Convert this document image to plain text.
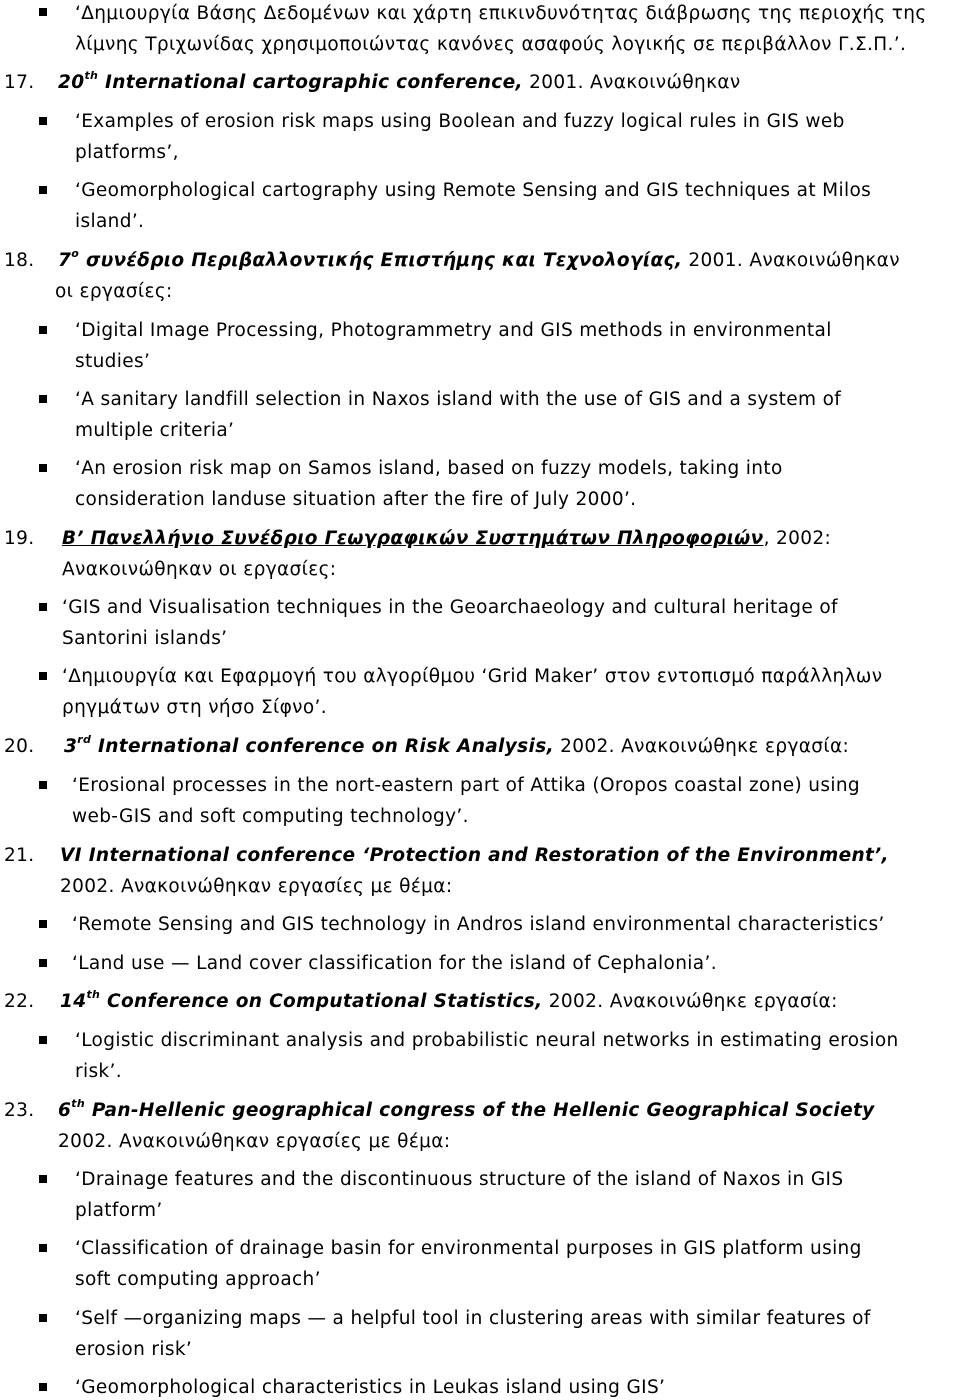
‘Δημιουργία Βάσης Δεδομένων και χάρτη επικινδυνότητας διάβρωσης της περιοχής της
λίμνης Τριχωνίδας χρησιμοποιώντας κανόνες ασαφούς λογικής σε περιβάλλον Γ.Σ.Π.’.
17. 20th International cartographic conference, 2001. Ανακοινώθηκαν
‘Examples of erosion risk maps using Boolean and fuzzy logical rules in GIS web
platforms’,
‘Geomorphological cartography using Remote Sensing and GIS techniques at Milos
island’.
18. 7$^o$ συνέδριο Περιβαλλοντικής Επιστήμης και Τεχνολογίας, 2001. Ανακοινώθηκαν
οι εργασίες:
‘Digital Image Processing, Photogrammetry and GIS methods in environmental
studies’
‘A sanitary landfill selection in Naxos island with the use of GIS and a system of
multiple criteria’
‘An erosion risk map on Samos island, based on fuzzy models, taking into
consideration landuse situation after the fire of July 2000’.
19. Β’ Πανελλήνιο Συνέδριο Γεωγραφικών Συστημάτων Πληροφοριών, 2002:
Ανακοινώθηκαν οι εργασίες:
‘GIS and Visualisation techniques in the Geoarchaeology and cultural heritage of
Santorini islands’
‘Δημιουργία και Εφαρμογή του αλγορίθμου ‘Grid Maker’ στον εντοπισμό παράλληλων
ρηγμάτων στη νήσο Σίφνο’.
20. 3rd International conference on Risk Analysis, 2002. Ανακοινώθηκε εργασία:
‘Erosional processes in the nort-eastern part of Attika (Oropos coastal zone) using
web-GIS and soft computing technology’.
21. VI International conference ‘Protection and Restoration of the Environment’,
2002. Ανακοινώθηκαν εργασίες με θέμα:
‘Remote Sensing and GIS technology in Andros island environmental characteristics’
‘Land use — Land cover classification for the island of Cephalonia’.
22. 14th Conference on Computational Statistics, 2002. Ανακοινώθηκε εργασία:
‘Logistic discriminant analysis and probabilistic neural networks in estimating erosion
risk’.
23. 6th Pan-Hellenic geographical congress of the Hellenic Geographical Society
2002. Ανακοινώθηκαν εργασίες με θέμα:
‘Drainage features and the discontinuous structure of the island of Naxos in GIS
platform’
‘Classification of drainage basin for environmental purposes in GIS platform using
soft computing approach’
‘Self —organizing maps — a helpful tool in clustering areas with similar features of
erosion risk’
‘Geomorphological characteristics in Leukas island using GIS’
